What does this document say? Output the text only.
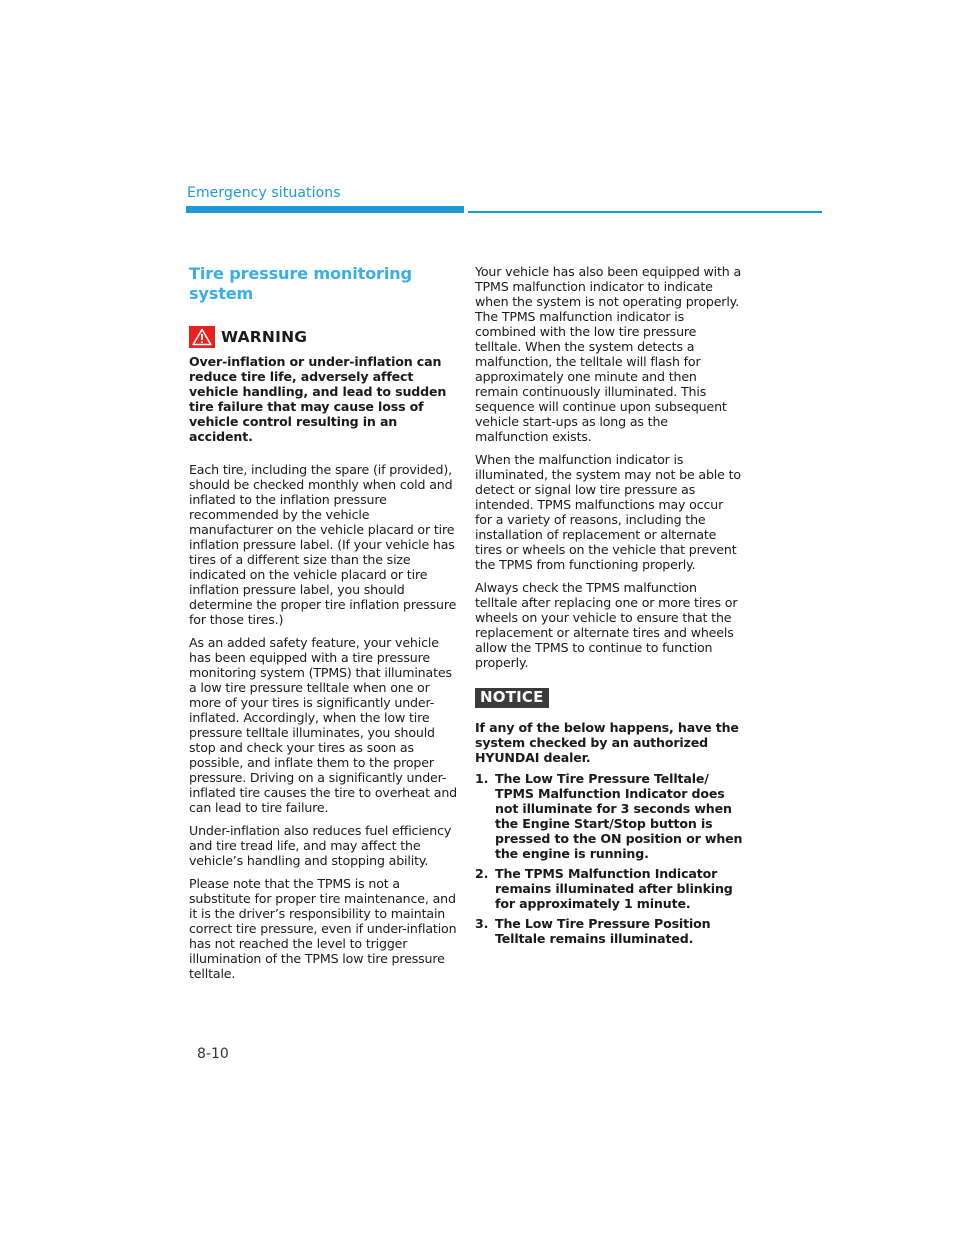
Emergency situations
Tire pressure monitoring system
WARNING
Over-inflation or under-inflation can reduce tire life, adversely affect vehicle handling, and lead to sudden tire failure that may cause loss of vehicle control resulting in an accident.

Each tire, including the spare (if provided), should be checked monthly when cold and inflated to the inflation pressure recommended by the vehicle manufacturer on the vehicle placard or tire inflation pressure label. (If your vehicle has tires of a different size than the size indicated on the vehicle placard or tire inflation pressure label, you should determine the proper tire inflation pressure for those tires.)

As an added safety feature, your vehicle has been equipped with a tire pressure monitoring system (TPMS) that illuminates a low tire pressure telltale when one or more of your tires is significantly under-inflated. Accordingly, when the low tire pressure telltale illuminates, you should stop and check your tires as soon as possible, and inflate them to the proper pressure. Driving on a significantly under-inflated tire causes the tire to overheat and can lead to tire failure.

Under-inflation also reduces fuel efficiency and tire tread life, and may affect the vehicle’s handling and stopping ability.

Please note that the TPMS is not a substitute for proper tire maintenance, and it is the driver’s responsibility to maintain correct tire pressure, even if under-inflation has not reached the level to trigger illumination of the TPMS low tire pressure telltale.

Your vehicle has also been equipped with a TPMS malfunction indicator to indicate when the system is not operating properly. The TPMS malfunction indicator is combined with the low tire pressure telltale. When the system detects a malfunction, the telltale will flash for approximately one minute and then remain continuously illuminated. This sequence will continue upon subsequent vehicle start-ups as long as the malfunction exists.

When the malfunction indicator is illuminated, the system may not be able to detect or signal low tire pressure as intended. TPMS malfunctions may occur for a variety of reasons, including the installation of replacement or alternate tires or wheels on the vehicle that prevent the TPMS from functioning properly.

Always check the TPMS malfunction telltale after replacing one or more tires or wheels on your vehicle to ensure that the replacement or alternate tires and wheels allow the TPMS to continue to function properly.

NOTICE
If any of the below happens, have the system checked by an authorized HYUNDAI dealer.
1. The Low Tire Pressure Telltale/ TPMS Malfunction Indicator does not illuminate for 3 seconds when the Engine Start/Stop button is pressed to the ON position or when the engine is running.
2. The TPMS Malfunction Indicator remains illuminated after blinking for approximately 1 minute.
3. The Low Tire Pressure Position Telltale remains illuminated.
8-10
